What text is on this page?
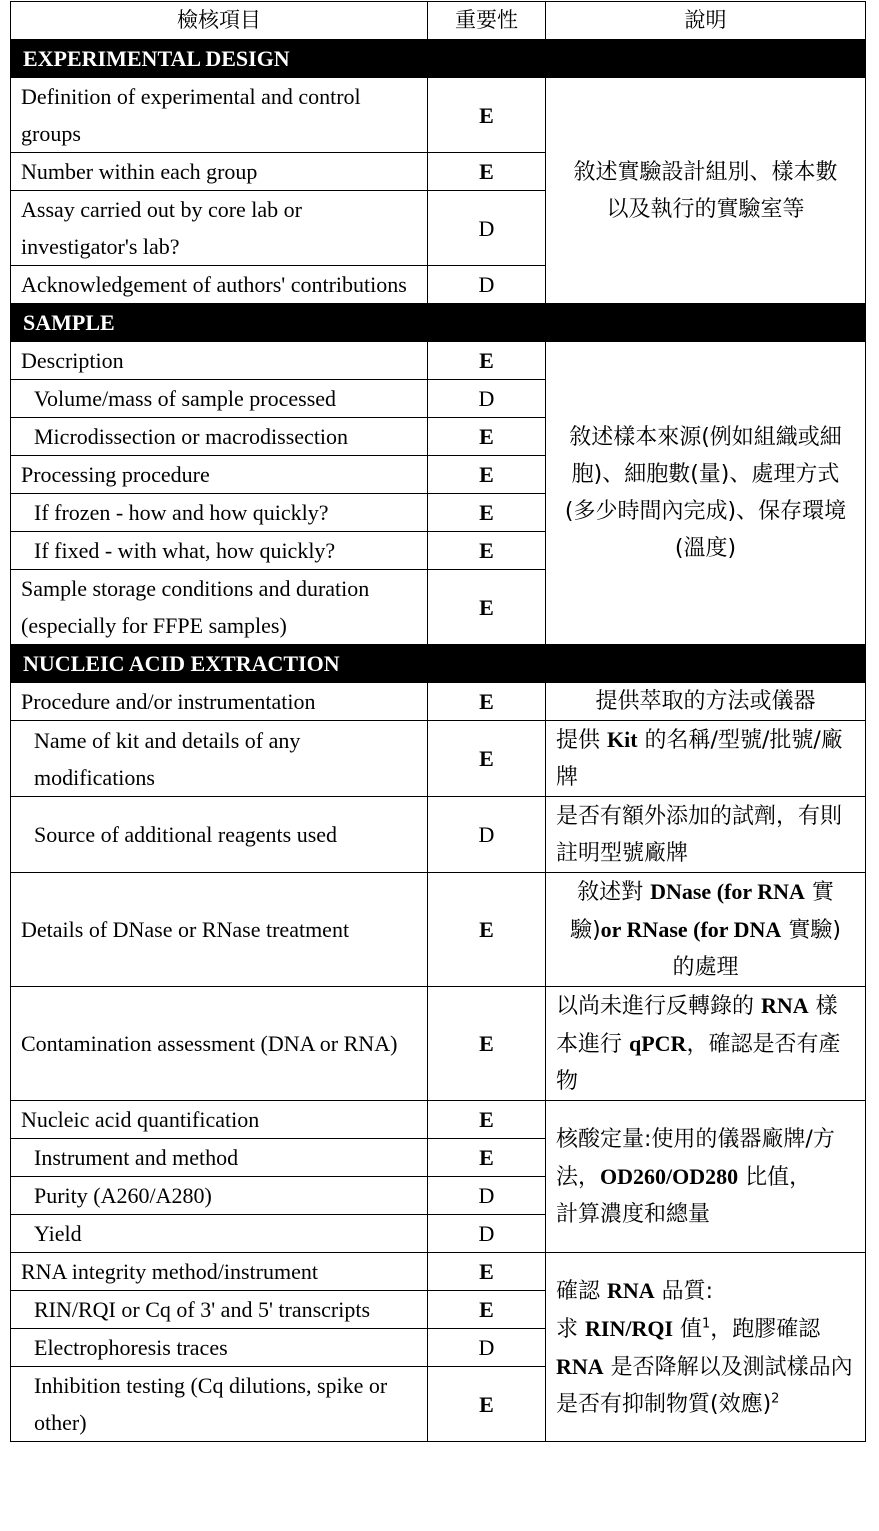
檢核項目	重要性	說明
EXPERIMENTAL DESIGN		
Definition of experimental and control groups	E	敘述實驗設計組別、樣本數以及執行的實驗室等
Number within each group	E	
Assay carried out by core lab or investigator's lab?	D	
Acknowledgement of authors' contributions	D	
SAMPLE		
Description	E	敘述樣本來源(例如組織或細胞)、細胞數(量)、處理方式(多少時間內完成)、保存環境(溫度)
Volume/mass of sample processed	D	
Microdissection or macrodissection	E	
Processing procedure	E	
If frozen - how and how quickly?	E	
If fixed - with what, how quickly?	E	
Sample storage conditions and duration (especially for FFPE samples)	E	
NUCLEIC ACID EXTRACTION		
Procedure and/or instrumentation	E	提供萃取的方法或儀器
Name of kit and details of any modifications	E	提供 Kit 的名稱/型號/批號/廠牌
Source of additional reagents used	D	是否有額外添加的試劑，有則註明型號廠牌
Details of DNase or RNase treatment	E	敘述對 DNase (for RNA 實驗)or RNase (for DNA 實驗) 的處理
Contamination assessment (DNA or RNA)	E	以尚未進行反轉錄的 RNA 樣本進行 qPCR，確認是否有產物
Nucleic acid quantification	E	核酸定量:使用的儀器廠牌/方法，OD260/OD280 比值，
計算濃度和總量
Instrument and method	E	
Purity (A260/A280)	D	
Yield	D	
RNA integrity method/instrument	E	確認 RNA 品質:
求 RIN/RQI 值$^1$，跑膠確認 RNA 是否降解以及測試樣品內是否有抑制物質(效應)$^2$
RIN/RQI or Cq of 3' and 5' transcripts	E	
Electrophoresis traces	D	
Inhibition testing (Cq dilutions, spike or other)	E	
